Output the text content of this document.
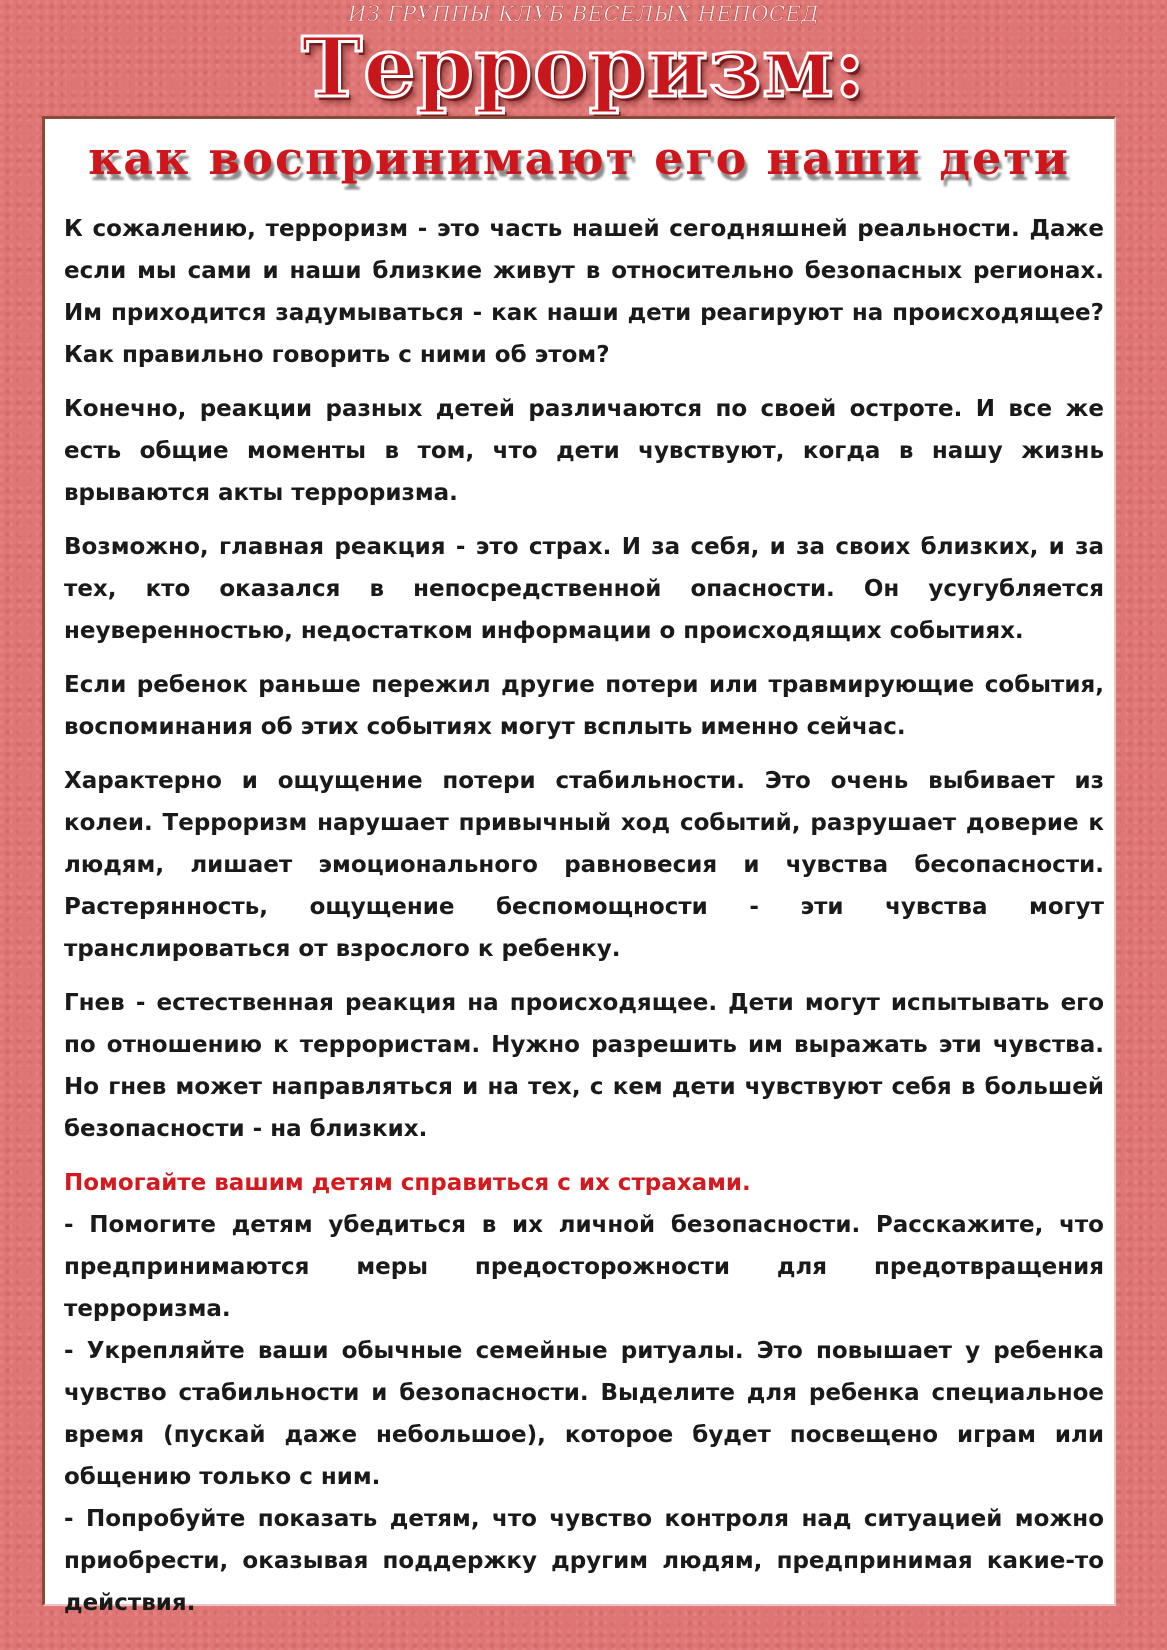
ИЗ ГРУППЫ КЛУБ ВЕСЕЛЫХ НЕПОСЕД
Терроризм:
как воспринимают его наши дети

К сожалению, терроризм - это часть нашей сегодняшней реальности. Даже если мы сами и наши близкие живут в относительно безопасных регионах. Им приходится задумываться - как наши дети реагируют на происходящее? Как правильно говорить с ними об этом?

Конечно, реакции разных детей различаются по своей остроте. И все же есть общие моменты в том, что дети чувствуют, когда в нашу жизнь врываются акты терроризма.

Возможно, главная реакция - это страх. И за себя, и за своих близких, и за тех, кто оказался в непосредственной опасности. Он усугубляется неуверенностью, недостатком информации о происходящих событиях.

Если ребенок раньше пережил другие потери или травмирующие события, воспоминания об этих событиях могут всплыть именно сейчас.

Характерно и ощущение потери стабильности. Это очень выбивает из колеи. Терроризм нарушает привычный ход событий, разрушает доверие к людям, лишает эмоционального равновесия и чувства бесопасности. Растерянность, ощущение беспомощности - эти чувства могут транслироваться от взрослого к ребенку.

Гнев - естественная реакция на происходящее. Дети могут испытывать его по отношению к террористам. Нужно разрешить им выражать эти чувства. Но гнев может направляться и на тех, с кем дети чувствуют себя в большей безопасности - на близких.

Помогайте вашим детям справиться с их страхами.

- Помогите детям убедиться в их личной безопасности. Расскажите, что предпринимаются меры предосторожности для предотвращения терроризма.

- Укрепляйте ваши обычные семейные ритуалы. Это повышает у ребенка чувство стабильности и безопасности. Выделите для ребенка специальное время (пускай даже небольшое), которое будет посвещено играм или общению только с ним.

- Попробуйте показать детям, что чувство контроля над ситуацией можно приобрести, оказывая поддержку другим людям, предпринимая какие-то действия.
